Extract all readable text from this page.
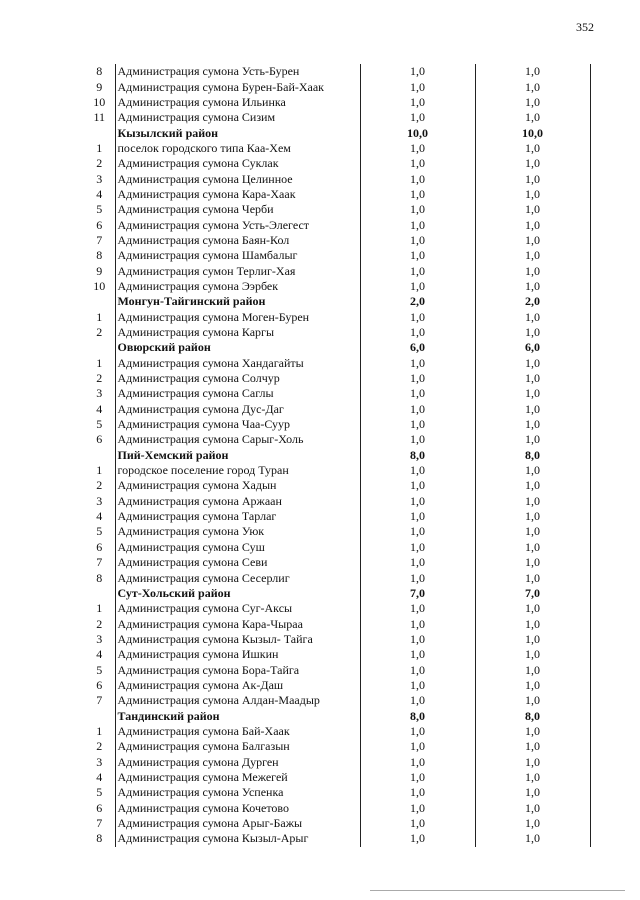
352
8	Администрация сумона Усть-Бурен	1,0	1,0
9	Администрация сумона Бурен-Бай-Хаак	1,0	1,0
10	Администрация сумона Ильинка	1,0	1,0
11	Администрация сумона Сизим	1,0	1,0
	Кызылский район	10,0	10,0
1	поселок городского типа Каа-Хем	1,0	1,0
2	Администрация сумона Суклак	1,0	1,0
3	Администрация сумона Целинное	1,0	1,0
4	Администрация сумона Кара-Хаак	1,0	1,0
5	Администрация сумона Черби	1,0	1,0
6	Администрация сумона Усть-Элегест	1,0	1,0
7	Администрация сумона Баян-Кол	1,0	1,0
8	Администрация сумона Шамбалыг	1,0	1,0
9	Администрация сумон Терлиг-Хая	1,0	1,0
10	Администрация сумона Ээрбек	1,0	1,0
	Монгун-Тайгинский район	2,0	2,0
1	Администрация сумона Моген-Бурен	1,0	1,0
2	Администрация сумона Каргы	1,0	1,0
	Овюрский район	6,0	6,0
1	Администрация сумона Хандагайты	1,0	1,0
2	Администрация сумона Солчур	1,0	1,0
3	Администрация сумона Саглы	1,0	1,0
4	Администрация сумона Дус-Даг	1,0	1,0
5	Администрация сумона Чаа-Суур	1,0	1,0
6	Администрация сумона Сарыг-Холь	1,0	1,0
	Пий-Хемский район	8,0	8,0
1	городское поселение город Туран	1,0	1,0
2	Администрация сумона Хадын	1,0	1,0
3	Администрация сумона Аржаан	1,0	1,0
4	Администрация сумона Тарлаг	1,0	1,0
5	Администрация сумона Уюк	1,0	1,0
6	Администрация сумона Суш	1,0	1,0
7	Администрация сумона Севи	1,0	1,0
8	Администрация сумона Сесерлиг	1,0	1,0
	Сут-Хольский район	7,0	7,0
1	Администрация сумона Суг-Аксы	1,0	1,0
2	Администрация сумона Кара-Чыраа	1,0	1,0
3	Администрация сумона Кызыл- Тайга	1,0	1,0
4	Администрация сумона Ишкин	1,0	1,0
5	Администрация сумона Бора-Тайга	1,0	1,0
6	Администрация сумона Ак-Даш	1,0	1,0
7	Администрация сумона Алдан-Маадыр	1,0	1,0
	Тандинский район	8,0	8,0
1	Администрация сумона Бай-Хаак	1,0	1,0
2	Администрация сумона Балгазын	1,0	1,0
3	Администрация сумона Дурген	1,0	1,0
4	Администрация сумона Межегей	1,0	1,0
5	Администрация сумона Успенка	1,0	1,0
6	Администрация сумона Кочетово	1,0	1,0
7	Администрация сумона Арыг-Бажы	1,0	1,0
8	Администрация сумона Кызыл-Арыг	1,0	1,0
